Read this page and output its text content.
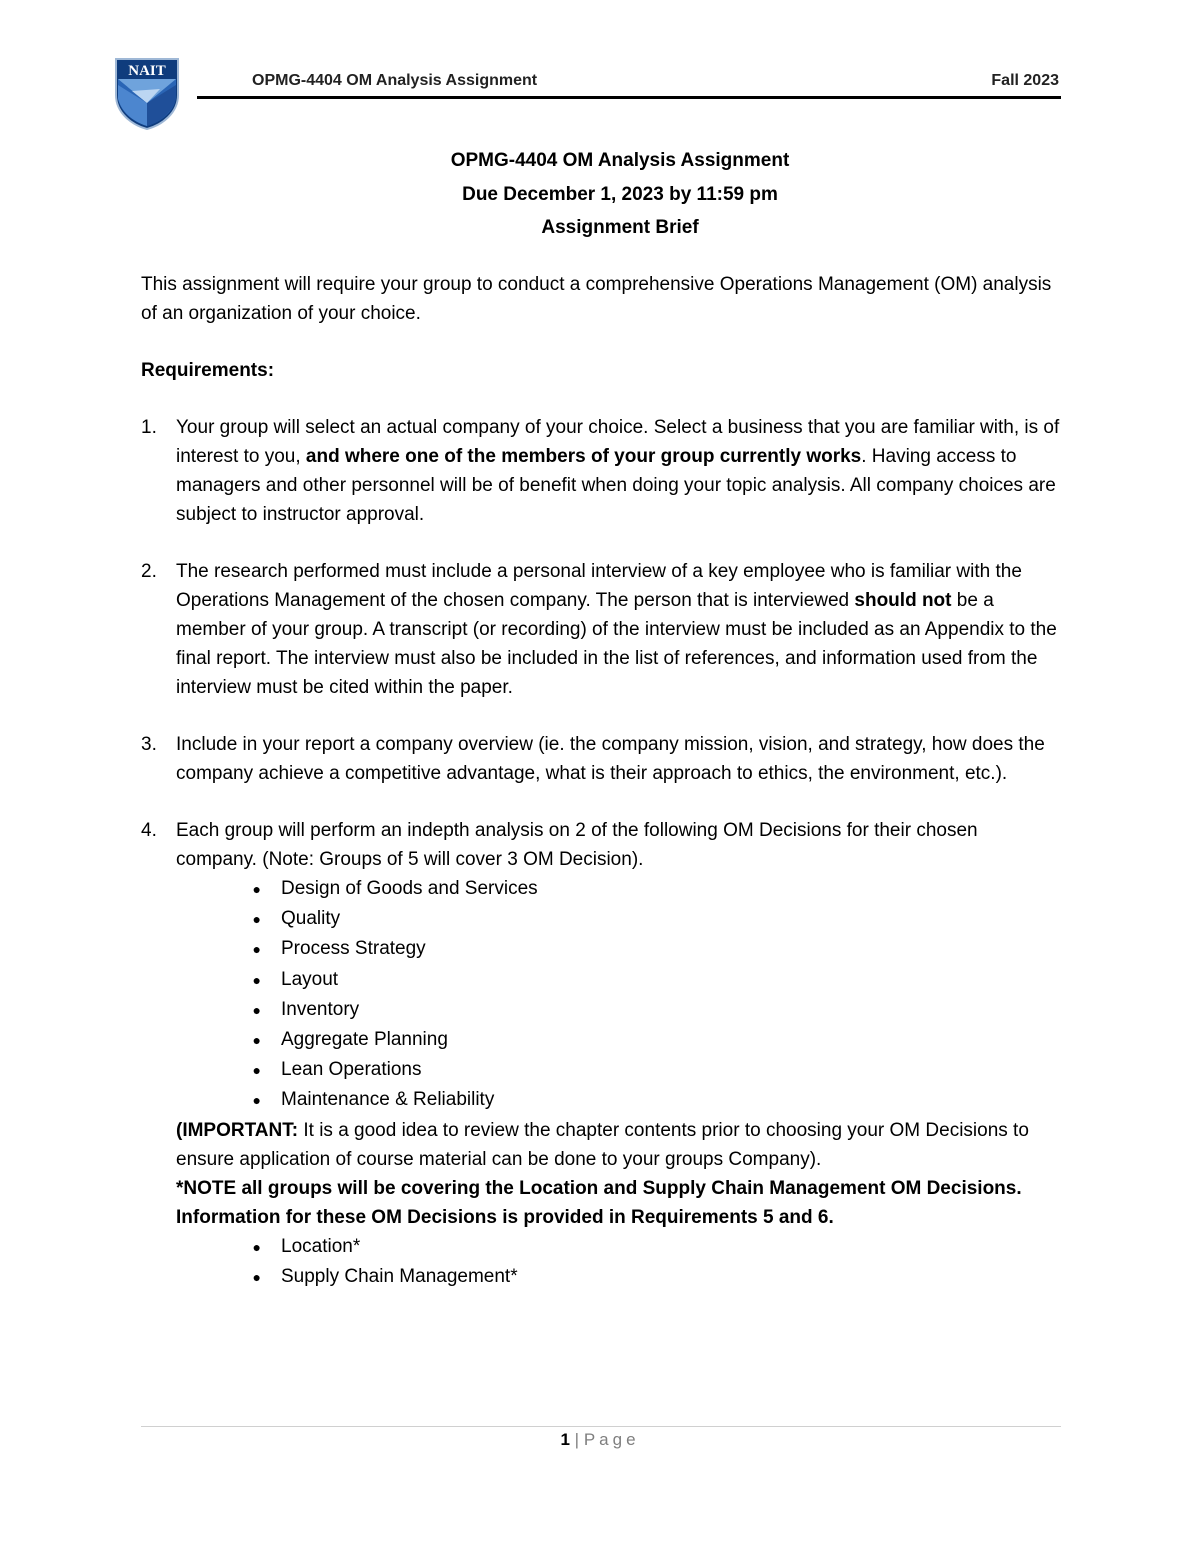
NAIT
OPMG-4404 OM Analysis Assignment	Fall 2023
OPMG-4404 OM Analysis Assignment
Due December 1, 2023 by 11:59 pm
Assignment Brief

This assignment will require your group to conduct a comprehensive Operations Management (OM) analysis of an organization of your choice.

Requirements:

1.	Your group will select an actual company of your choice. Select a business that you are familiar with, is of interest to you, and where one of the members of your group currently works. Having access to managers and other personnel will be of benefit when doing your topic analysis. All company choices are subject to instructor approval.
2.	The research performed must include a personal interview of a key employee who is familiar with the Operations Management of the chosen company. The person that is interviewed should not be a member of your group. A transcript (or recording) of the interview must be included as an Appendix to the final report. The interview must also be included in the list of references, and information used from the interview must be cited within the paper.
3.	Include in your report a company overview (ie. the company mission, vision, and strategy, how does the company achieve a competitive advantage, what is their approach to ethics, the environment, etc.).
4.	Each group will perform an indepth analysis on 2 of the following OM Decisions for their chosen company. (Note: Groups of 5 will cover 3 OM Decision).
●	Design of Goods and Services
●	Quality
●	Process Strategy
●	Layout
●	Inventory
●	Aggregate Planning
●	Lean Operations
●	Maintenance & Reliability

(IMPORTANT: It is a good idea to review the chapter contents prior to choosing your OM Decisions to ensure application of course material can be done to your groups Company).

*NOTE all groups will be covering the Location and Supply Chain Management OM Decisions. Information for these OM Decisions is provided in Requirements 5 and 6.

●	Location*
●	Supply Chain Management*
1 | Page
